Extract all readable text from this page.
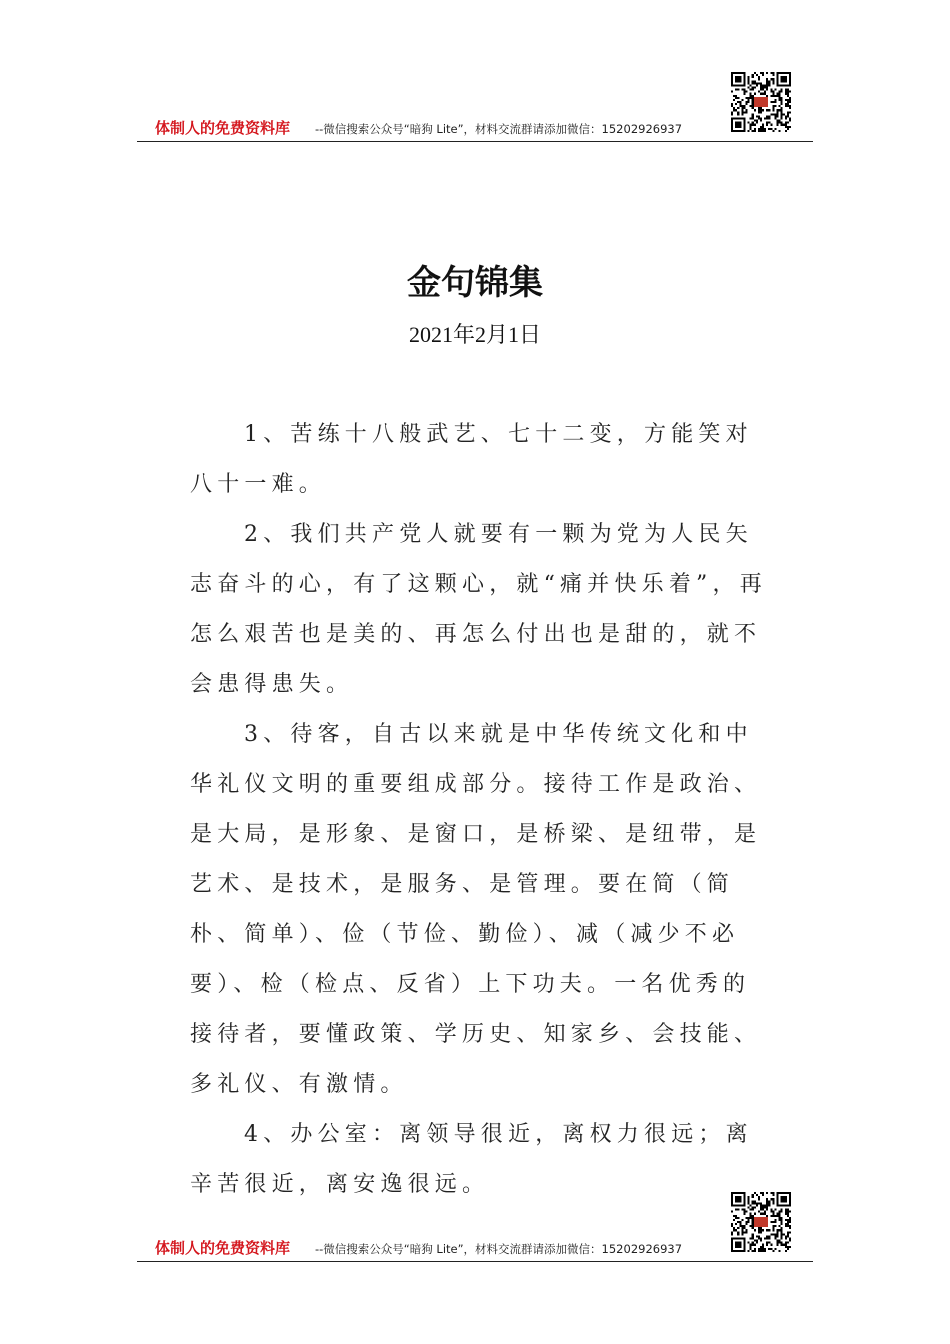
体制人的免费资料库 --微信搜索公众号“暗狗 Lite”，材料交流群请添加微信：15202926937
金句锦集
2021年2月1日

1、苦练十八般武艺、七十二变，方能笑对八十一难。

2、我们共产党人就要有一颗为党为人民矢志奋斗的心，有了这颗心，就“痛并快乐着”，再怎么艰苦也是美的、再怎么付出也是甜的，就不会患得患失。

3、待客，自古以来就是中华传统文化和中华礼仪文明的重要组成部分。接待工作是政治、是大局，是形象、是窗口，是桥梁、是纽带，是艺术、是技术，是服务、是管理。要在简（简朴、简单）、俭（节俭、勤俭）、减（减少不必要）、检（检点、反省）上下功夫。一名优秀的接待者，要懂政策、学历史、知家乡、会技能、多礼仪、有激情。

4、办公室：离领导很近，离权力很远；离辛苦很近，离安逸很远。

体制人的免费资料库 --微信搜索公众号“暗狗 Lite”，材料交流群请添加微信：15202926937
